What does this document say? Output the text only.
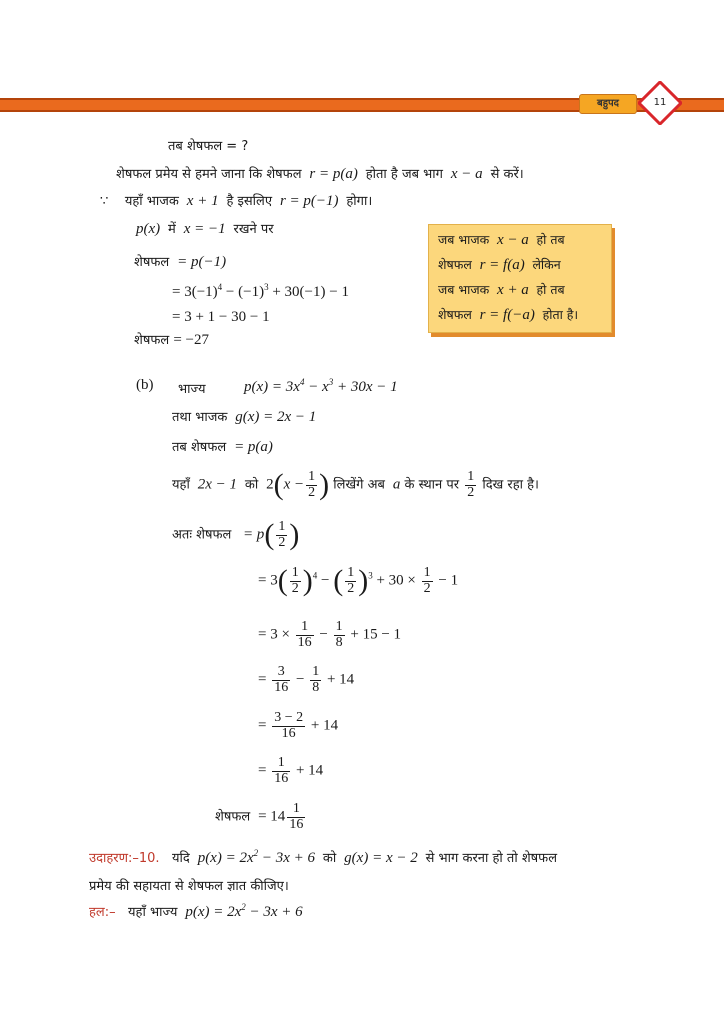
बहुपद	11
तब शेषफल = ?
शेषफल प्रमेय से हमने जाना कि शेषफल  r = p(a)  होता है जब भाग  x − a  से करें।
∵ यहाँ भाजक  x + 1  है इसलिए  r = p(−1)  होगा।
p(x)  में  x = −1  रखने पर
शेषफल  = p(−1)
= $3(-1)^4 - (-1)^3 + 30(-1) - 1$
= 3 + 1 − 30 − 1
शेषफल = −27
जब भाजक  x − a  हो तब
शेषफल  r = f(a)  लेकिन
जब भाजक  x + a  हो तब
शेषफल  r = f(−a)  होता है।
(b) भाज्य	$p(x) = 3x^4 - x^3 + 30x - 1$
तथा भाजक  g(x) = 2x − 1
तब शेषफल  = p(a)
यहाँ  2x − 1  को  $2(x - \frac{1}{2}$ ) लिखेंगे अब  a के स्थान पर $\frac{1}{2}$ दिख रहा है।
अतः शेषफल   = $p( \frac{1}{2}$ )
= $3( \frac{1}{2} )^4$ − ( $\frac{1}{2} )^3 + 30 \times \frac{1}{2} - 1$
= $3 \times \frac{1}{16} - \frac{1}{8} + 15 - 1$
= $\frac{3}{16} - \frac{1}{8} + 14$
= $\frac{3 - 2}{16} + 14$
= $\frac{1}{16} + 14$
शेषफल  = $14 \frac{1}{16}$
उदाहरण:–10. यदि  $p(x) = 2x^2 - 3x + 6$  को  g(x) = x − 2  से भाग करना हो तो शेषफल
प्रमेय की सहायता से शेषफल ज्ञात कीजिए।
हल:– यहाँ भाज्य  $p(x) = 2x^2 - 3x + 6$
